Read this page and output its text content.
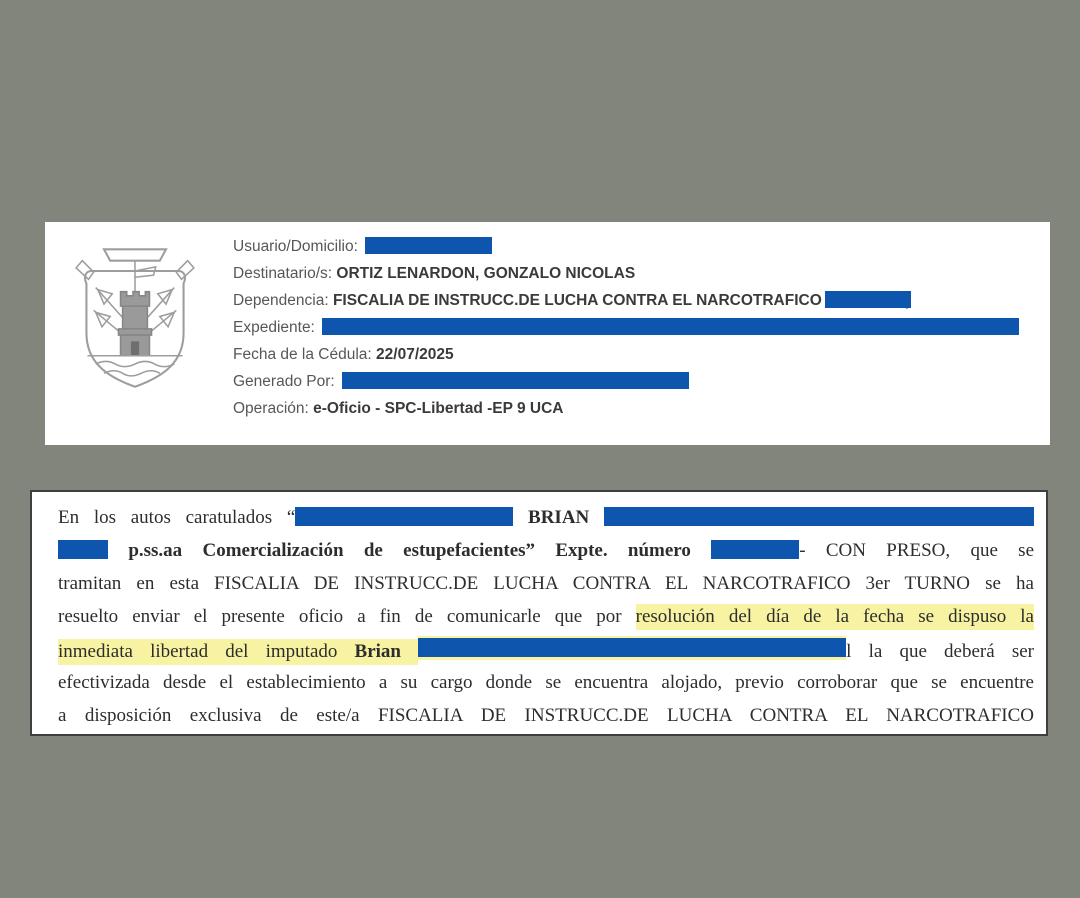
Usuario/Domicilio:
Destinatario/s: ORTIZ LENARDON, GONZALO NICOLAS
Dependencia: FISCALIA DE INSTRUCC.DE LUCHA CONTRA EL NARCOTRAFICO
Expediente:
Fecha de la Cédula: 22/07/2025
Generado Por:
Operación: e-Oficio - SPC-Libertad -EP 9 UCA
En los autos caratulados “	BRIAN
p.ss.aa Comercialización de estupefacientes” Expte. número	- CON PRESO, que se
tramitan en esta FISCALIA DE INSTRUCC.DE LUCHA CONTRA EL NARCOTRAFICO 3er TURNO se ha
resuelto enviar el presente oficio a fin de comunicarle que por resolución del día de la fecha se dispuso la
inmediata libertad del imputado Brian	l la que deberá ser
efectivizada desde el establecimiento a su cargo donde se encuentra alojado, previo corroborar que se encuentre
a disposición exclusiva de este/a FISCALIA DE INSTRUCC.DE LUCHA CONTRA EL NARCOTRAFICO
